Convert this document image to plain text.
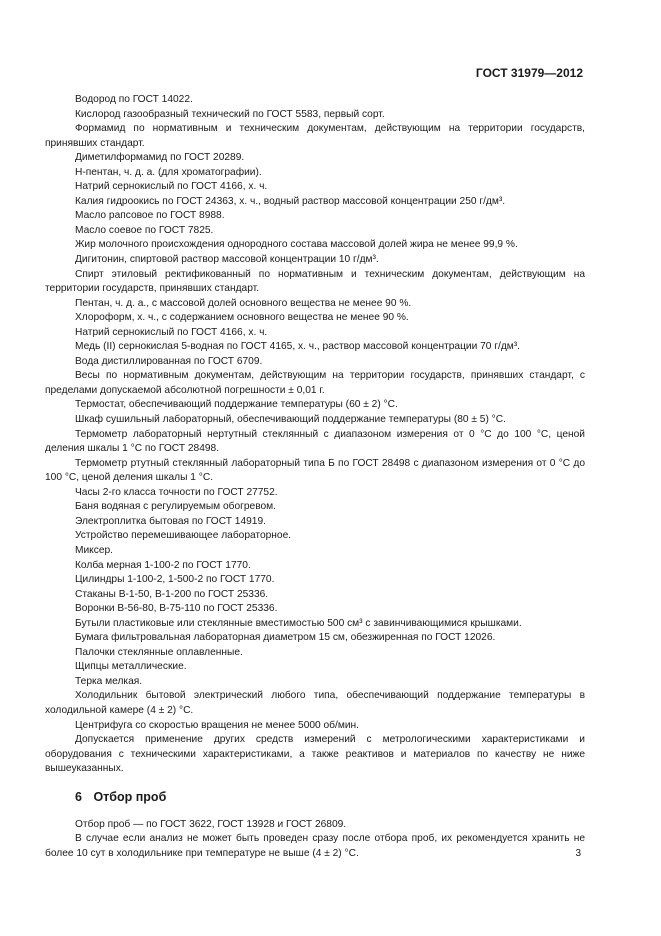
ГОСТ 31979—2012

Водород по ГОСТ 14022.

Кислород газообразный технический по ГОСТ 5583, первый сорт.

Формамид по нормативным и техническим документам, действующим на территории государств, принявших стандарт.

Диметилформамид по ГОСТ 20289.

Н-пентан, ч. д. а. (для хроматографии).

Натрий сернокислый по ГОСТ 4166, х. ч.

Калия гидроокись по ГОСТ 24363, х. ч., водный раствор массовой концентрации 250 г/дм³.

Масло рапсовое по ГОСТ 8988.

Масло соевое по ГОСТ 7825.

Жир молочного происхождения однородного состава массовой долей жира не менее 99,9 %.

Дигитонин, спиртовой раствор массовой концентрации 10 г/дм³.

Спирт этиловый ректификованный по нормативным и техническим документам, действующим на территории государств, принявших стандарт.

Пентан, ч. д. а., с массовой долей основного вещества не менее 90 %.

Хлороформ, х. ч., с содержанием основного вещества не менее 90 %.

Натрий сернокислый по ГОСТ 4166, х. ч.

Медь (II) сернокислая 5-водная по ГОСТ 4165, х. ч., раствор массовой концентрации 70 г/дм³.

Вода дистиллированная по ГОСТ 6709.

Весы по нормативным документам, действующим на территории государств, принявших стандарт, с пределами допускаемой абсолютной погрешности ± 0,01 г.

Термостат, обеспечивающий поддержание температуры (60 ± 2) °С.

Шкаф сушильный лабораторный, обеспечивающий поддержание температуры (80 ± 5) °С.

Термометр лабораторный нертутный стеклянный с диапазоном измерения от 0 °С до 100 °С, ценой деления шкалы 1 °С по ГОСТ 28498.

Термометр ртутный стеклянный лабораторный типа Б по ГОСТ 28498 с диапазоном измерения от 0 °С до 100 °С, ценой деления шкалы 1 °С.

Часы 2-го класса точности по ГОСТ 27752.

Баня водяная с регулируемым обогревом.

Электроплитка бытовая по ГОСТ 14919.

Устройство перемешивающее лабораторное.

Миксер.

Колба мерная 1-100-2 по ГОСТ 1770.

Цилиндры 1-100-2, 1-500-2 по ГОСТ 1770.

Стаканы В-1-50, В-1-200 по ГОСТ 25336.

Воронки В-56-80, В-75-110 по ГОСТ 25336.

Бутыли пластиковые или стеклянные вместимостью 500 см³ с завинчивающимися крышками.

Бумага фильтровальная лабораторная диаметром 15 см, обезжиренная по ГОСТ 12026.

Палочки стеклянные оплавленные.

Щипцы металлические.

Терка мелкая.

Холодильник бытовой электрический любого типа, обеспечивающий поддержание температуры в холодильной камере (4 ± 2) °С.

Центрифуга со скоростью вращения не менее 5000 об/мин.

Допускается применение других средств измерений с метрологическими характеристиками и оборудования с техническими характеристиками, а также реактивов и материалов по качеству не ниже вышеуказанных.

6 Отбор проб

Отбор проб — по ГОСТ 3622, ГОСТ 13928 и ГОСТ 26809.

В случае если анализ не может быть проведен сразу после отбора проб, их рекомендуется хранить не более 10 сут в холодильнике при температуре не выше (4 ± 2) °С.	3
